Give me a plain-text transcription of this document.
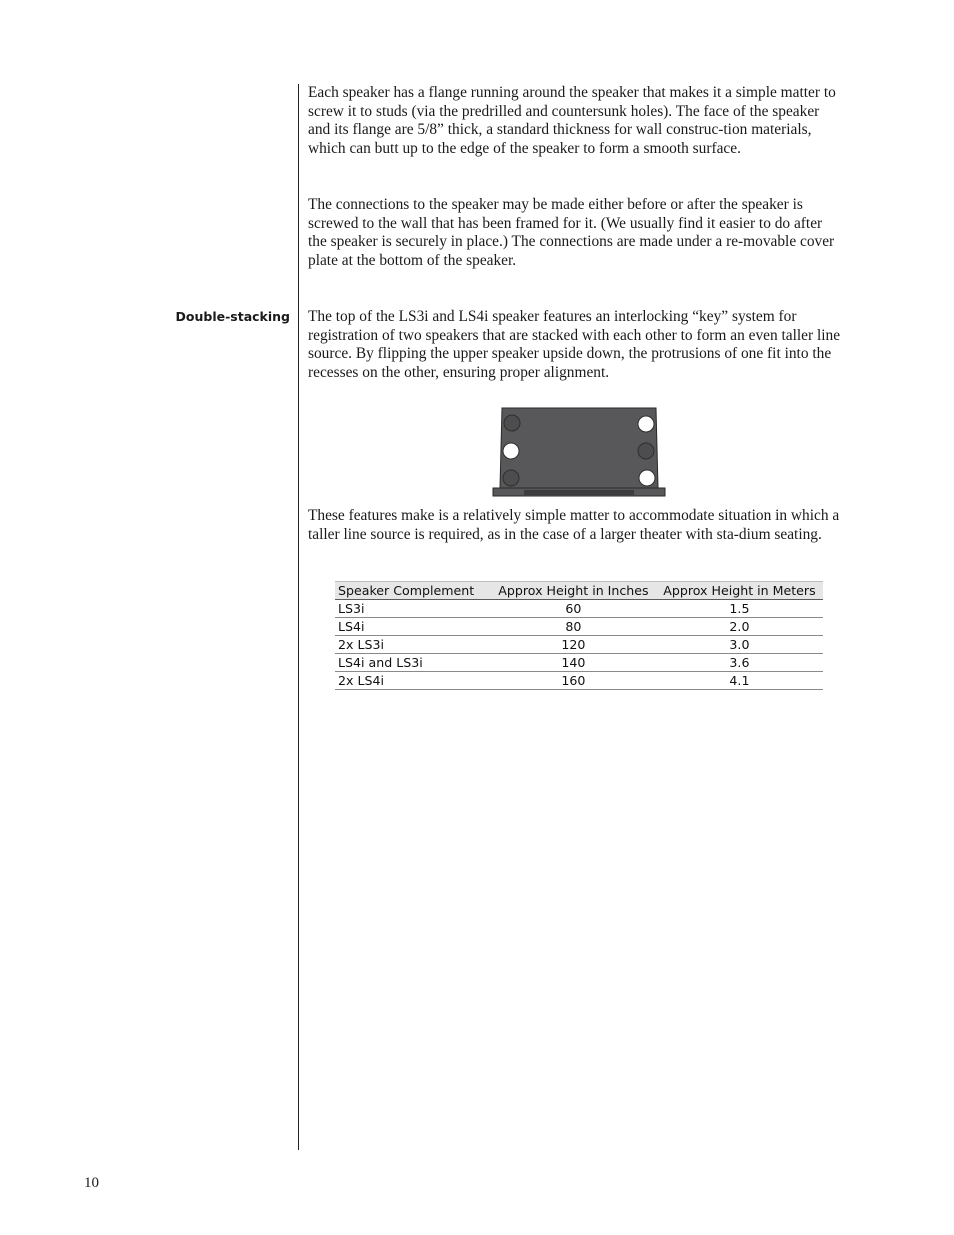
Each speaker has a flange running around the speaker that makes it a simple matter to screw it to studs (via the predrilled and countersunk holes). The face of the speaker and its flange are 5/8” thick, a standard thickness for wall construc-tion materials, which can butt up to the edge of the speaker to form a smooth surface.

The connections to the speaker may be made either before or after the speaker is screwed to the wall that has been framed for it. (We usually find it easier to do after the speaker is securely in place.) The connections are made under a re-movable cover plate at the bottom of the speaker.

Double-stacking The top of the LS3i and LS4i speaker features an interlocking “key” system for registration of two speakers that are stacked with each other to form an even taller line source. By flipping the upper speaker upside down, the protrusions of one fit into the recesses on the other, ensuring proper alignment.

These features make is a relatively simple matter to accommodate situation in which a taller line source is required, as in the case of a larger theater with sta-dium seating.

Speaker Complement	Approx Height in Inches	Approx Height in Meters
LS3i	60	1.5
LS4i	80	2.0
2x LS3i	120	3.0
LS4i and LS3i	140	3.6
2x LS4i	160	4.1
10
